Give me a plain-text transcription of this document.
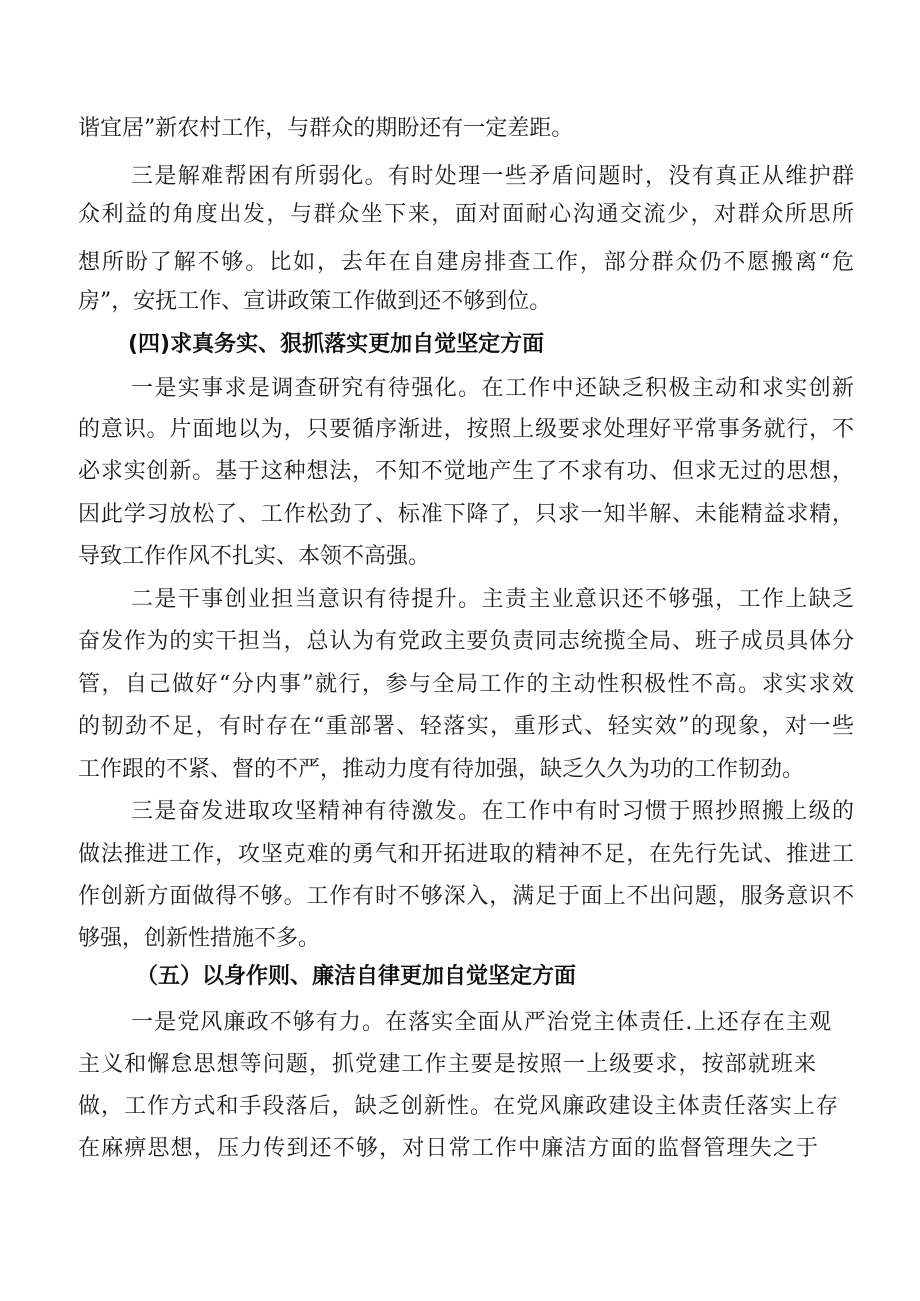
谐宜居”新农村工作，与群众的期盼还有一定差距。
三是解难帮困有所弱化。有时处理一些矛盾问题时，没有真正从维护群
众利益的角度出发，与群众坐下来，面对面耐心沟通交流少，对群众所思所
想所盼了解不够。比如，去年在自建房排查工作，部分群众仍不愿搬离“危
房”，安抚工作、宣讲政策工作做到还不够到位。
(四)求真务实、狠抓落实更加自觉坚定方面
一是实事求是调查研究有待强化。在工作中还缺乏积极主动和求实创新
的意识。片面地以为，只要循序渐进，按照上级要求处理好平常事务就行，不
必求实创新。基于这种想法，不知不觉地产生了不求有功、但求无过的思想，
因此学习放松了、工作松劲了、标准下降了，只求一知半解、未能精益求精，
导致工作作风不扎实、本领不高强。
二是干事创业担当意识有待提升。主责主业意识还不够强，工作上缺乏
奋发作为的实干担当，总认为有党政主要负责同志统揽全局、班子成员具体分
管，自己做好“分内事”就行，参与全局工作的主动性积极性不高。求实求效
的韧劲不足，有时存在“重部署、轻落实，重形式、轻实效”的现象，对一些
工作跟的不紧、督的不严，推动力度有待加强，缺乏久久为功的工作韧劲。
三是奋发进取攻坚精神有待激发。在工作中有时习惯于照抄照搬上级的
做法推进工作，攻坚克难的勇气和开拓进取的精神不足，在先行先试、推进工
作创新方面做得不够。工作有时不够深入，满足于面上不出问题，服务意识不
够强，创新性措施不多。
（五）以身作则、廉洁自律更加自觉坚定方面
一是党风廉政不够有力。在落实全面从严治党主体责任.上还存在主观
主义和懈怠思想等问题，抓党建工作主要是按照一上级要求，按部就班来
做，工作方式和手段落后，缺乏创新性。在党风廉政建设主体责任落实上存
在麻痹思想，压力传到还不够，对日常工作中廉洁方面的监督管理失之于
